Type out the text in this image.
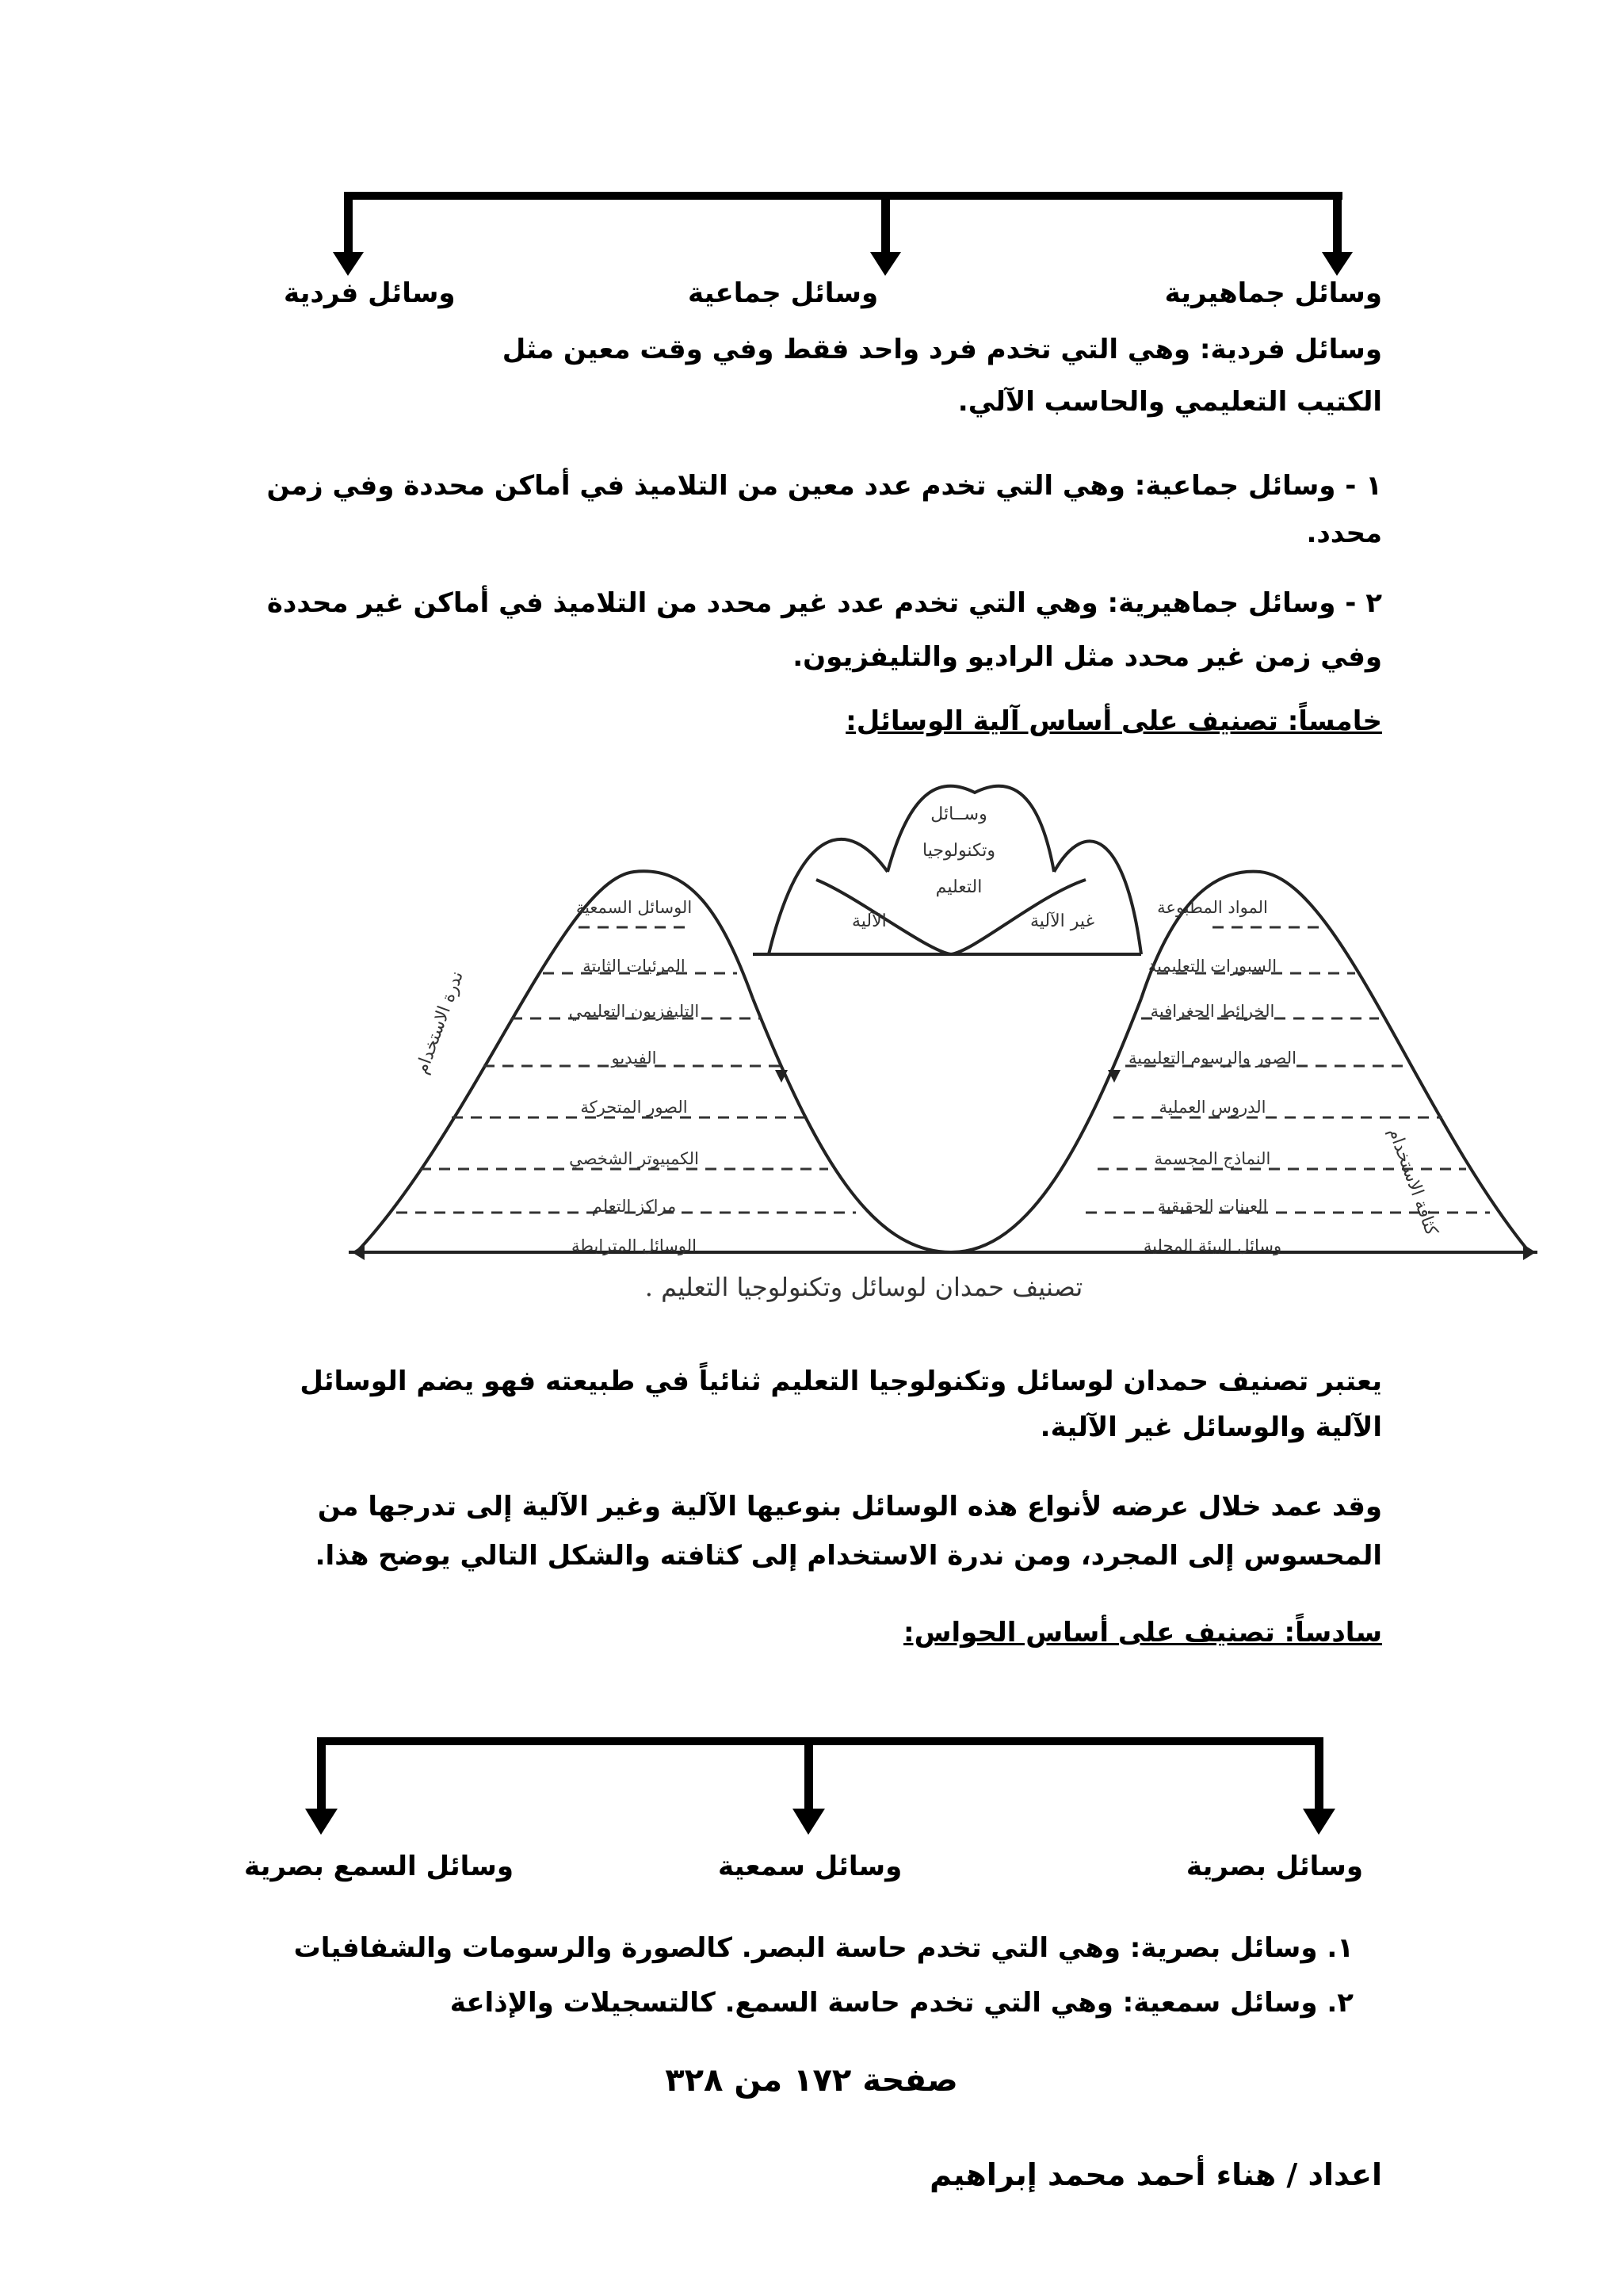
وسائل جماهيرية
وسائل جماعية
وسائل فردية
وسائل فردية: وهي التي تخدم فرد واحد فقط وفي وقت معين مثل
الكتيب التعليمي والحاسب الآلي.
١ - وسائل جماعية: وهي التي تخدم عدد معين من التلاميذ في أماكن محددة وفي زمن
محدد.
٢ - وسائل جماهيرية: وهي التي تخدم عدد غير محدد من التلاميذ في أماكن غير محددة
وفي زمن غير محدد مثل الراديو والتليفزيون.
خامساً: تصنيف على أساس آلية الوسائل:
وســائل
وتكنولوجيا
التعليم
الآلية	غير الآلية
ندرة الاستخدام
كثافة الاستخدام
الوسائل السمعية
المرئيات الثابتة
التليفزيون التعليمي
الفيديو
الصور المتحركة
الكمبيوتر الشخصي
مراكز التعلم
الوسائل المترابطة
المواد المطبوعة
السبورات التعليمية
الخرائط الجغرافية
الصور والرسوم التعليمية
الدروس العملية
النماذج المجسمة
العينات الحقيقية
وسائل البيئة المحلية
تصنيف حمدان لوسائل وتكنولوجيا التعليم .
يعتبر تصنيف حمدان لوسائل وتكنولوجيا التعليم ثنائياً في طبيعته فهو يضم الوسائل
الآلية والوسائل غير الآلية.
وقد عمد خلال عرضه لأنواع هذه الوسائل بنوعيها الآلية وغير الآلية إلى تدرجها من
المحسوس إلى المجرد، ومن ندرة الاستخدام إلى كثافته والشكل التالي يوضح هذا.
سادساً: تصنيف على أساس الحواس:
وسائل بصرية
وسائل سمعية
وسائل السمع بصرية
١. وسائل بصرية: وهي التي تخدم حاسة البصر. كالصورة والرسومات والشفافيات
٢. وسائل سمعية: وهي التي تخدم حاسة السمع. كالتسجيلات والإذاعة
صفحة ١٧٢ من ٣٢٨
اعداد / هناء أحمد محمد إبراهيم
